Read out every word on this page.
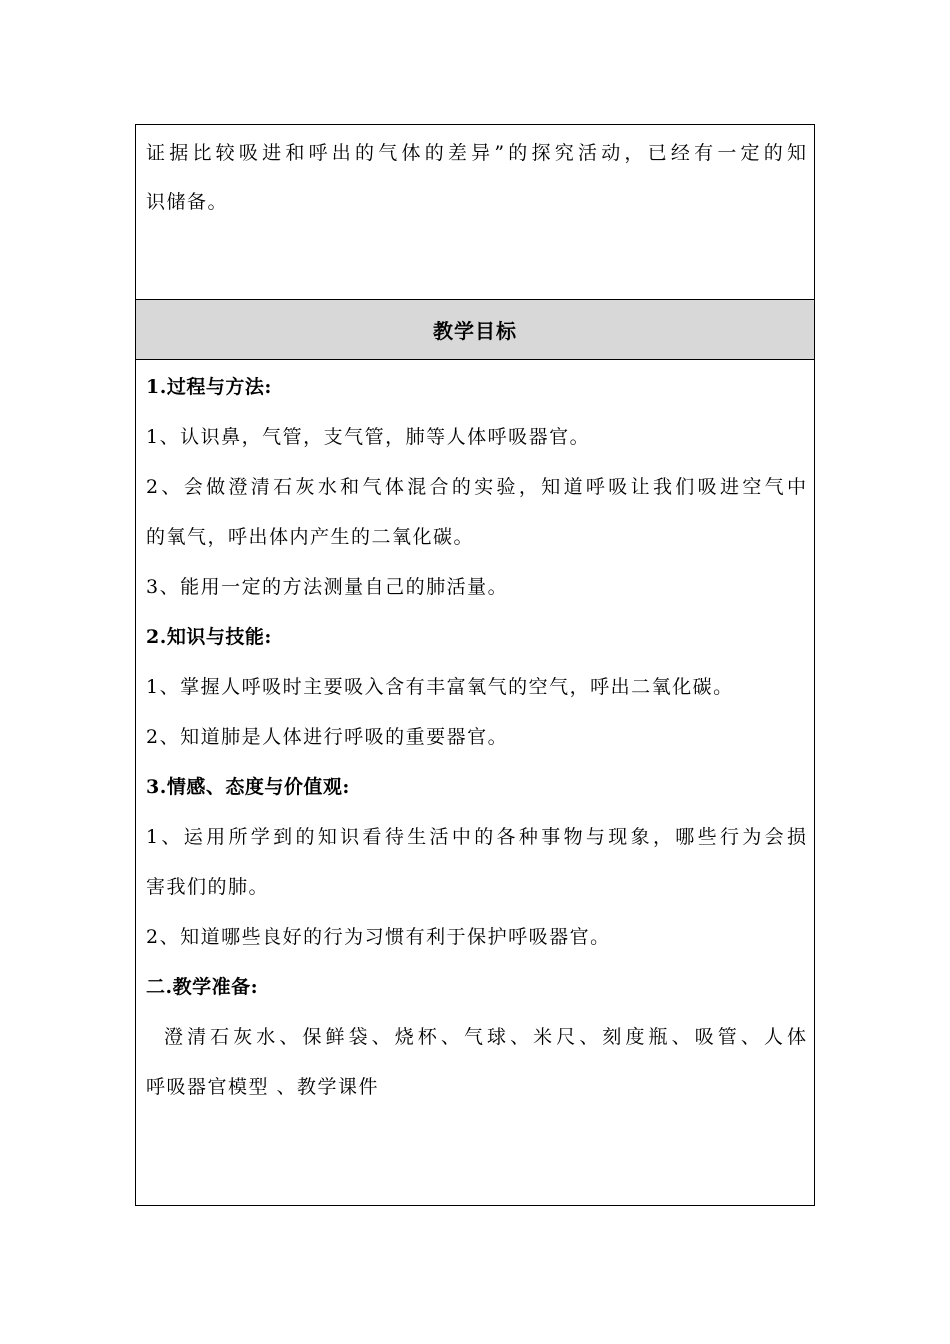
证据比较吸进和呼出的气体的差异”的探究活动，已经有一定的知
识储备。
教学目标
1.过程与方法:
1、认识鼻，气管，支气管，肺等人体呼吸器官。
2、会做澄清石灰水和气体混合的实验，知道呼吸让我们吸进空气中
的氧气，呼出体内产生的二氧化碳。
3、能用一定的方法测量自己的肺活量。
2.知识与技能:
1、掌握人呼吸时主要吸入含有丰富氧气的空气，呼出二氧化碳。
2、知道肺是人体进行呼吸的重要器官。
3.情感、态度与价值观:
1、运用所学到的知识看待生活中的各种事物与现象，哪些行为会损
害我们的肺。
2、知道哪些良好的行为习惯有利于保护呼吸器官。
二.教学准备:
澄清石灰水、保鲜袋、烧杯、气球、米尺、刻度瓶、吸管、人体
呼吸器官模型 、教学课件
